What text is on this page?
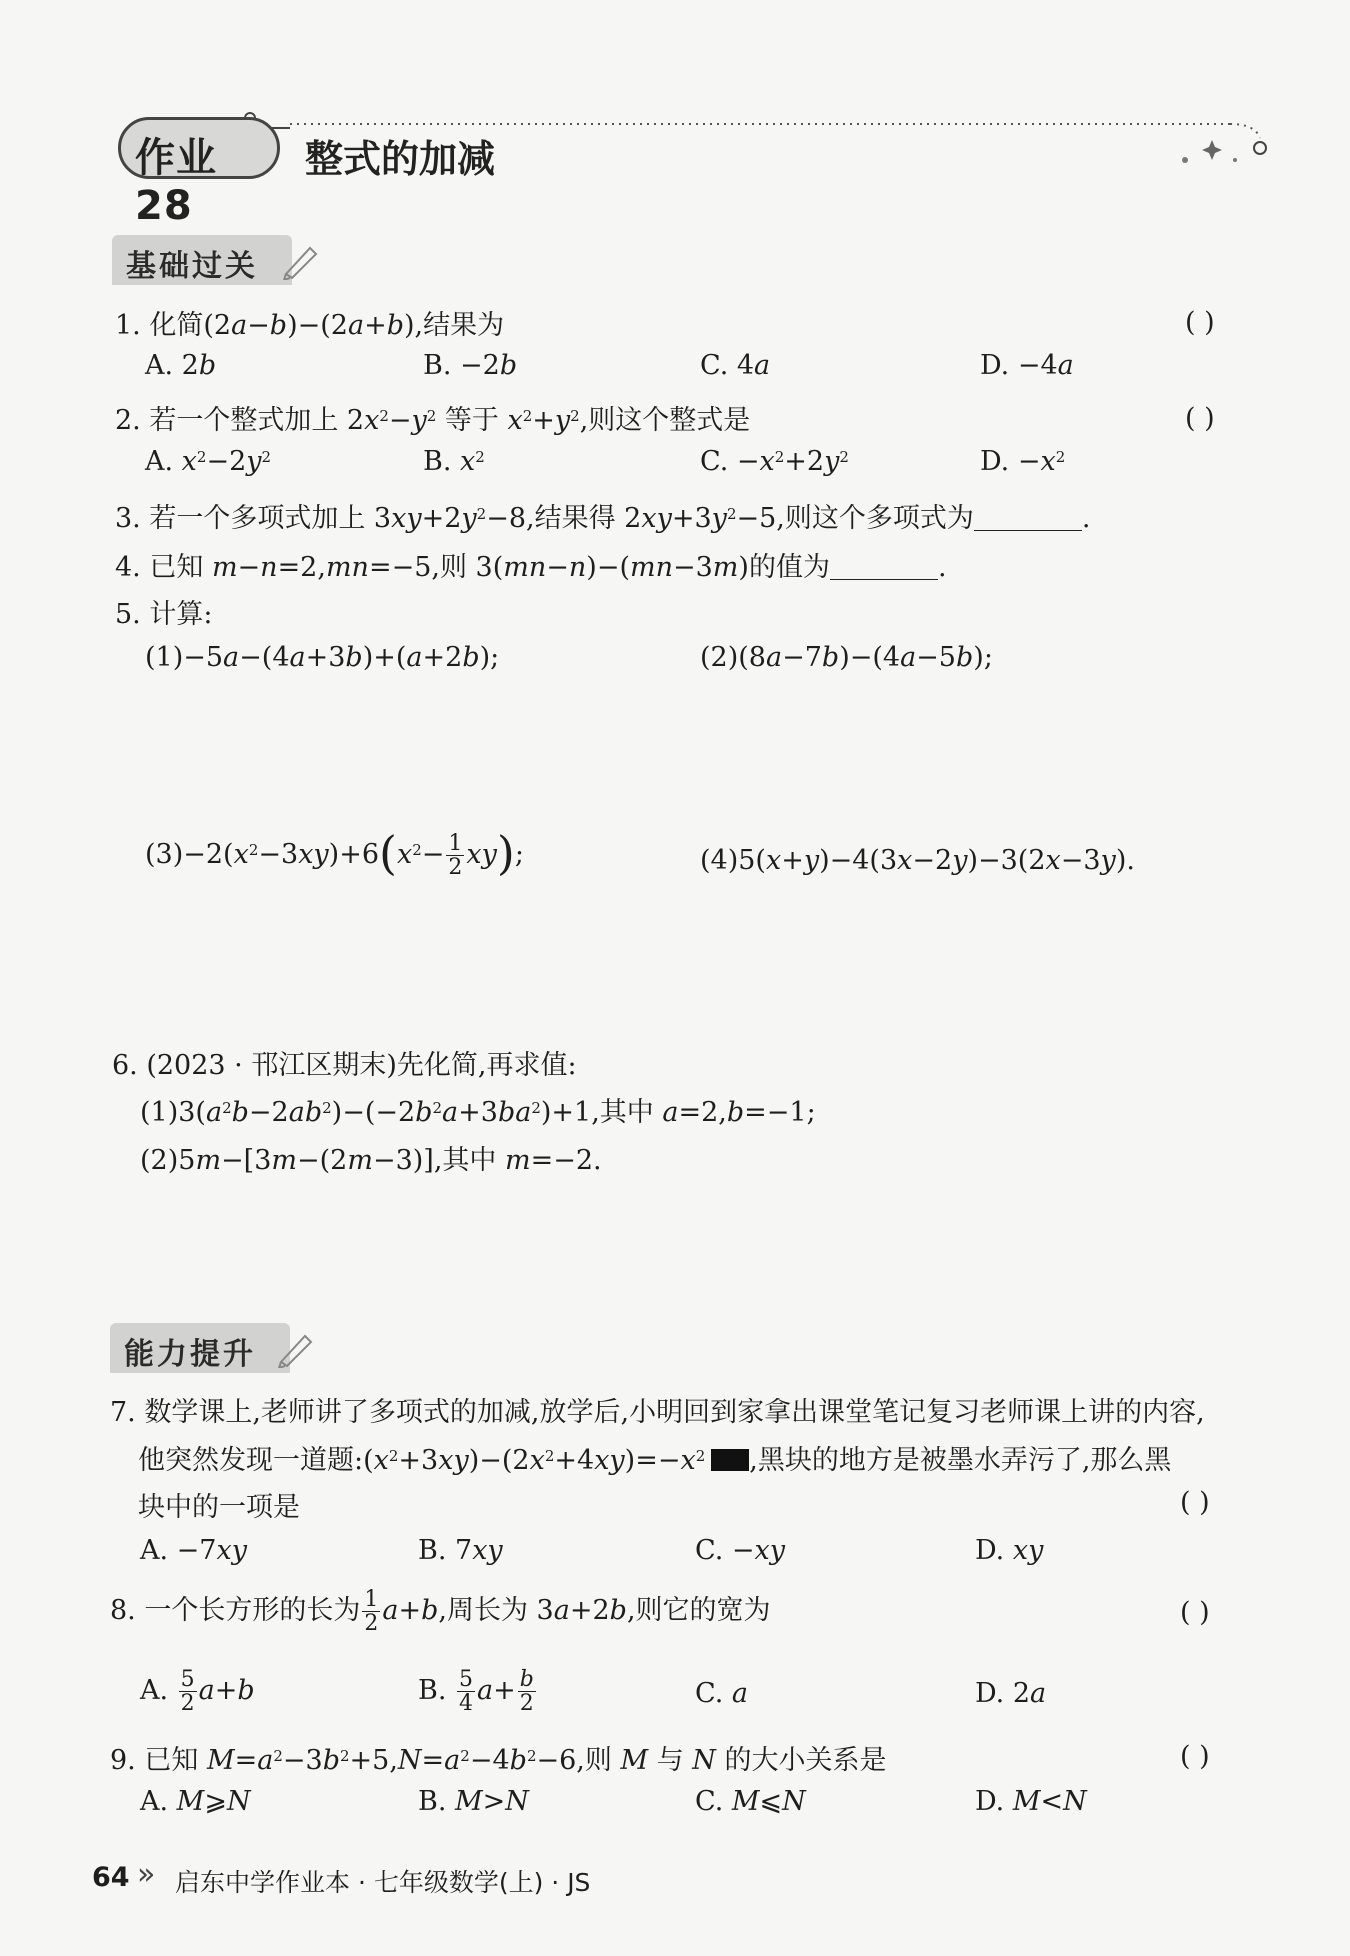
作业 28
整式的加减
基础过关
1. 化简(2a−b)−(2a+b),结果为	( )
A. 2b	B. −2b	C. 4a	D. −4a
2. 若一个整式加上 $2x^2-y^2$ 等于 $x^2+y^2$,则这个整式是	( )
A. $x^2-2y^2$	B. $x^2$	C. $-x^2+2y^2$	D. $-x^2$
3. 若一个多项式加上 $3xy+2y^2-8$,结果得 $2xy+3y^2-5$,则这个多项式为	.
4. 已知 m−n=2,mn=−5,则 3(mn−n)−(mn−3m)的值为	.
5. 计算:
(1)−5a−(4a+3b)+(a+2b);	(2)(8a−7b)−(4a−5b);
$(3)-2(x^2-3xy)+6(x^2- \frac{1}{2} xy)$;	(4)5(x+y)−4(3x−2y)−3(2x−3y).
6. (2023 · 邗江区期末)先化简,再求值:
$(1)3(a^2b-2ab^2)-(-2b^2a+3ba^2)+1$,其中 a=2,b=−1;
(2)5m−[3m−(2m−3)],其中 m=−2.
能力提升
7. 数学课上,老师讲了多项式的加减,放学后,小明回到家拿出课堂笔记复习老师课上讲的内容,
他突然发现一道题$:(x^2+3xy)-(2x^2+4xy)=-x^2$ ,黑块的地方是被墨水弄污了,那么黑
块中的一项是	( )
A. −7xy	B. 7xy	C. −xy	D. xy
8. 一个长方形的长为 $\frac{1}{2} a+b$,周长为 3a+2b,则它的宽为	( )
A. $\frac{5}{2} a+b$	B. $\frac{5}{4} a+ \frac{b}{2}$	C. a	D. 2a
9. 已知 $M=a^2-3b^2+5,N=a^2-4b^2-6$,则 M 与 N 的大小关系是	( )
A. M⩾N	B. M>N	C. M⩽N	D. M<N
64 » 启东中学作业本 · 七年级数学(上) · JS
